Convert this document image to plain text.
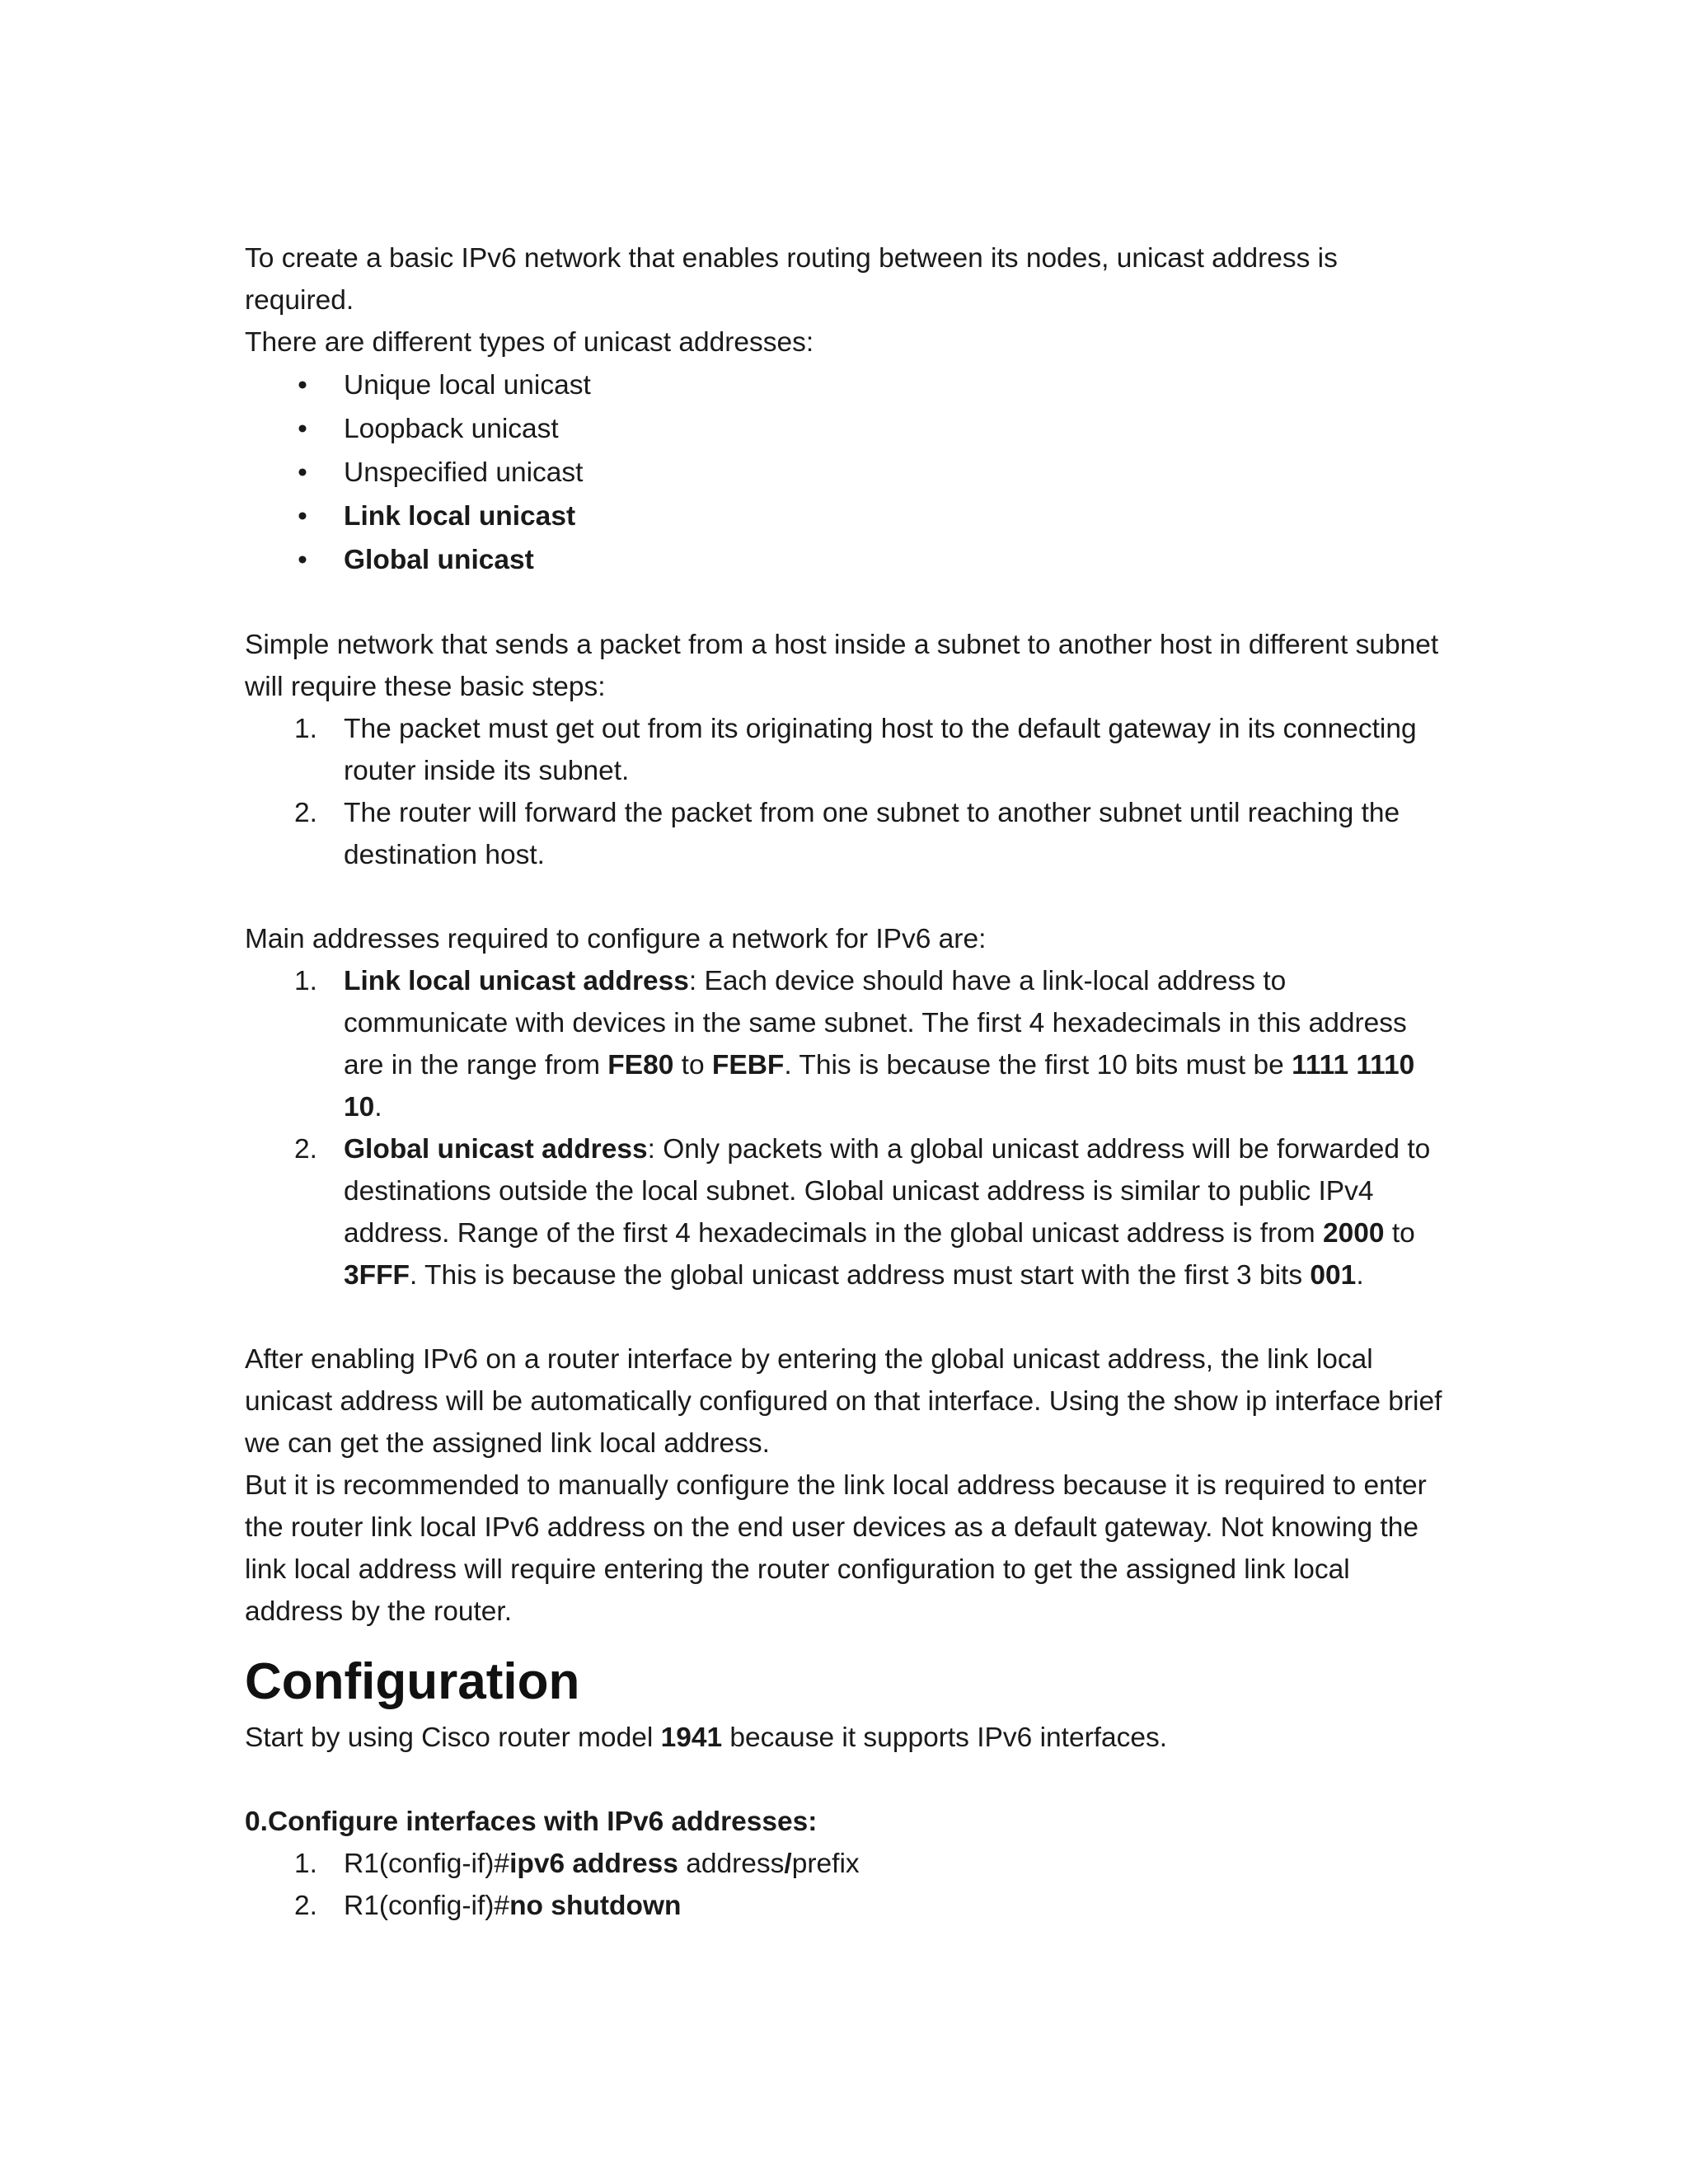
To create a basic IPv6 network that enables routing between its nodes, unicast address is required.

There are different types of unicast addresses:

• Unique local unicast
• Loopback unicast
• Unspecified unicast
• Link local unicast
• Global unicast

Simple network that sends a packet from a host inside a subnet to another host in different subnet will require these basic steps:

1. The packet must get out from its originating host to the default gateway in its connecting router inside its subnet.
2. The router will forward the packet from one subnet to another subnet until reaching the destination host.

Main addresses required to configure a network for IPv6 are:

1. Link local unicast address: Each device should have a link-local address to communicate with devices in the same subnet. The first 4 hexadecimals in this address are in the range from FE80 to FEBF. This is because the first 10 bits must be 1111 1110 10.
2. Global unicast address: Only packets with a global unicast address will be forwarded to destinations outside the local subnet. Global unicast address is similar to public IPv4 address. Range of the first 4 hexadecimals in the global unicast address is from 2000 to 3FFF. This is because the global unicast address must start with the first 3 bits 001.

After enabling IPv6 on a router interface by entering the global unicast address, the link local unicast address will be automatically configured on that interface. Using the show ip interface brief we can get the assigned link local address.

But it is recommended to manually configure the link local address because it is required to enter the router link local IPv6 address on the end user devices as a default gateway. Not knowing the link local address will require entering the router configuration to get the assigned link local address by the router.

Configuration

Start by using Cisco router model 1941 because it supports IPv6 interfaces.

0.Configure interfaces with IPv6 addresses:

1. R1(config-if)#ipv6 address address/prefix
2. R1(config-if)#no shutdown
